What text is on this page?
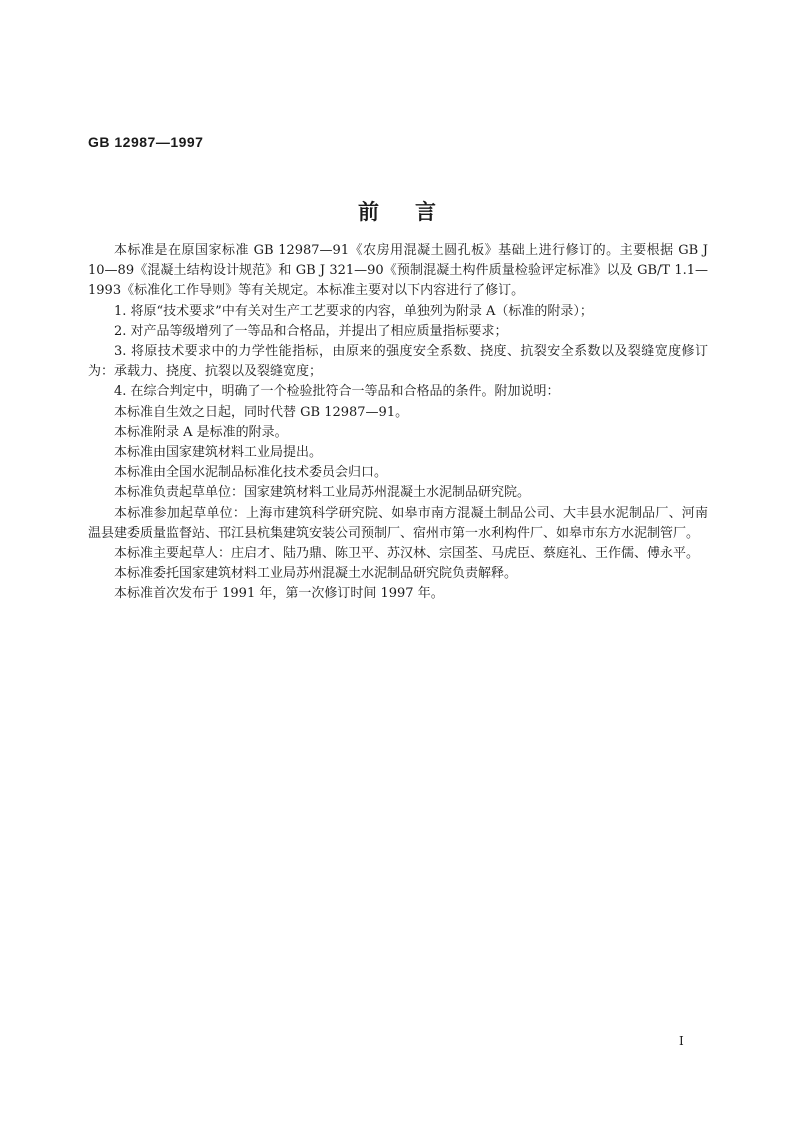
GB 12987—1997
前言

本标准是在原国家标准 GB 12987—91《农房用混凝土圆孔板》基础上进行修订的。主要根据 GB J 10—89《混凝土结构设计规范》和 GB J 321—90《预制混凝土构件质量检验评定标准》以及 GB/T 1.1—1993《标准化工作导则》等有关规定。本标准主要对以下内容进行了修订。

1. 将原“技术要求”中有关对生产工艺要求的内容，单独列为附录 A（标准的附录）；

2. 对产品等级增列了一等品和合格品，并提出了相应质量指标要求；

3. 将原技术要求中的力学性能指标，由原来的强度安全系数、挠度、抗裂安全系数以及裂缝宽度修订为：承载力、挠度、抗裂以及裂缝宽度；

4. 在综合判定中，明确了一个检验批符合一等品和合格品的条件。附加说明：

本标准自生效之日起，同时代替 GB 12987—91。

本标准附录 A 是标准的附录。

本标准由国家建筑材料工业局提出。

本标准由全国水泥制品标准化技术委员会归口。

本标准负责起草单位：国家建筑材料工业局苏州混凝土水泥制品研究院。

本标准参加起草单位：上海市建筑科学研究院、如皋市南方混凝土制品公司、大丰县水泥制品厂、河南温县建委质量监督站、邗江县杭集建筑安装公司预制厂、宿州市第一水利构件厂、如皋市东方水泥制管厂。

本标准主要起草人：庄启才、陆乃鼎、陈卫平、苏汉林、宗国荃、马虎臣、蔡庭礼、王作儒、傅永平。

本标准委托国家建筑材料工业局苏州混凝土水泥制品研究院负责解释。

本标准首次发布于 1991 年，第一次修订时间 1997 年。

I
